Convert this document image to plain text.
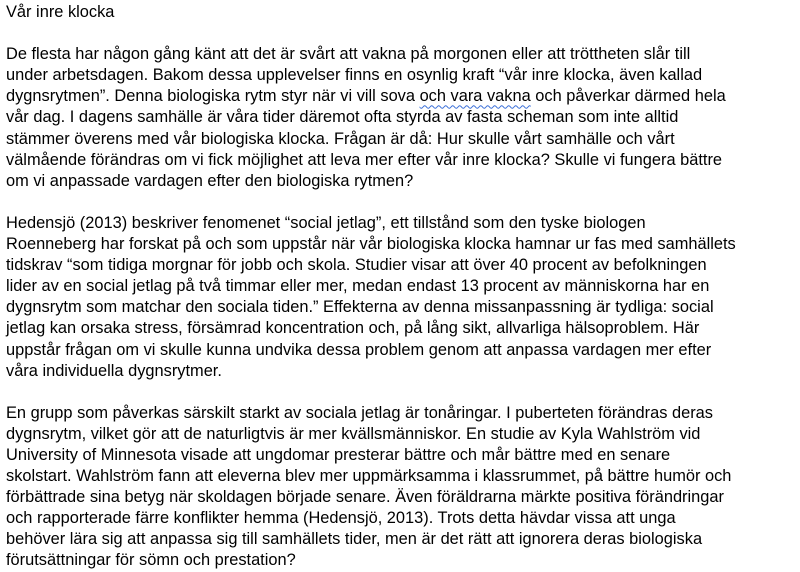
Vår inre klocka
De flesta har någon gång känt att det är svårt att vakna på morgonen eller att tröttheten slår till
under arbetsdagen. Bakom dessa upplevelser finns en osynlig kraft “vår inre klocka, även kallad
dygnsrytmen”. Denna biologiska rytm styr när vi vill sova och vara vakna och påverkar därmed hela
vår dag. I dagens samhälle är våra tider däremot ofta styrda av fasta scheman som inte alltid
stämmer överens med vår biologiska klocka. Frågan är då: Hur skulle vårt samhälle och vårt
välmående förändras om vi fick möjlighet att leva mer efter vår inre klocka? Skulle vi fungera bättre
om vi anpassade vardagen efter den biologiska rytmen?
Hedensjö (2013) beskriver fenomenet “social jetlag”, ett tillstånd som den tyske biologen
Roenneberg har forskat på och som uppstår när vår biologiska klocka hamnar ur fas med samhällets
tidskrav “som tidiga morgnar för jobb och skola. Studier visar att över 40 procent av befolkningen
lider av en social jetlag på två timmar eller mer, medan endast 13 procent av människorna har en
dygnsrytm som matchar den sociala tiden.” Effekterna av denna missanpassning är tydliga: social
jetlag kan orsaka stress, försämrad koncentration och, på lång sikt, allvarliga hälsoproblem. Här
uppstår frågan om vi skulle kunna undvika dessa problem genom att anpassa vardagen mer efter
våra individuella dygnsrytmer.
En grupp som påverkas särskilt starkt av sociala jetlag är tonåringar. I puberteten förändras deras
dygnsrytm, vilket gör att de naturligtvis är mer kvällsmänniskor. En studie av Kyla Wahlström vid
University of Minnesota visade att ungdomar presterar bättre och mår bättre med en senare
skolstart. Wahlström fann att eleverna blev mer uppmärksamma i klassrummet, på bättre humör och
förbättrade sina betyg när skoldagen började senare. Även föräldrarna märkte positiva förändringar
och rapporterade färre konflikter hemma (Hedensjö, 2013). Trots detta hävdar vissa att unga
behöver lära sig att anpassa sig till samhällets tider, men är det rätt att ignorera deras biologiska
förutsättningar för sömn och prestation?
